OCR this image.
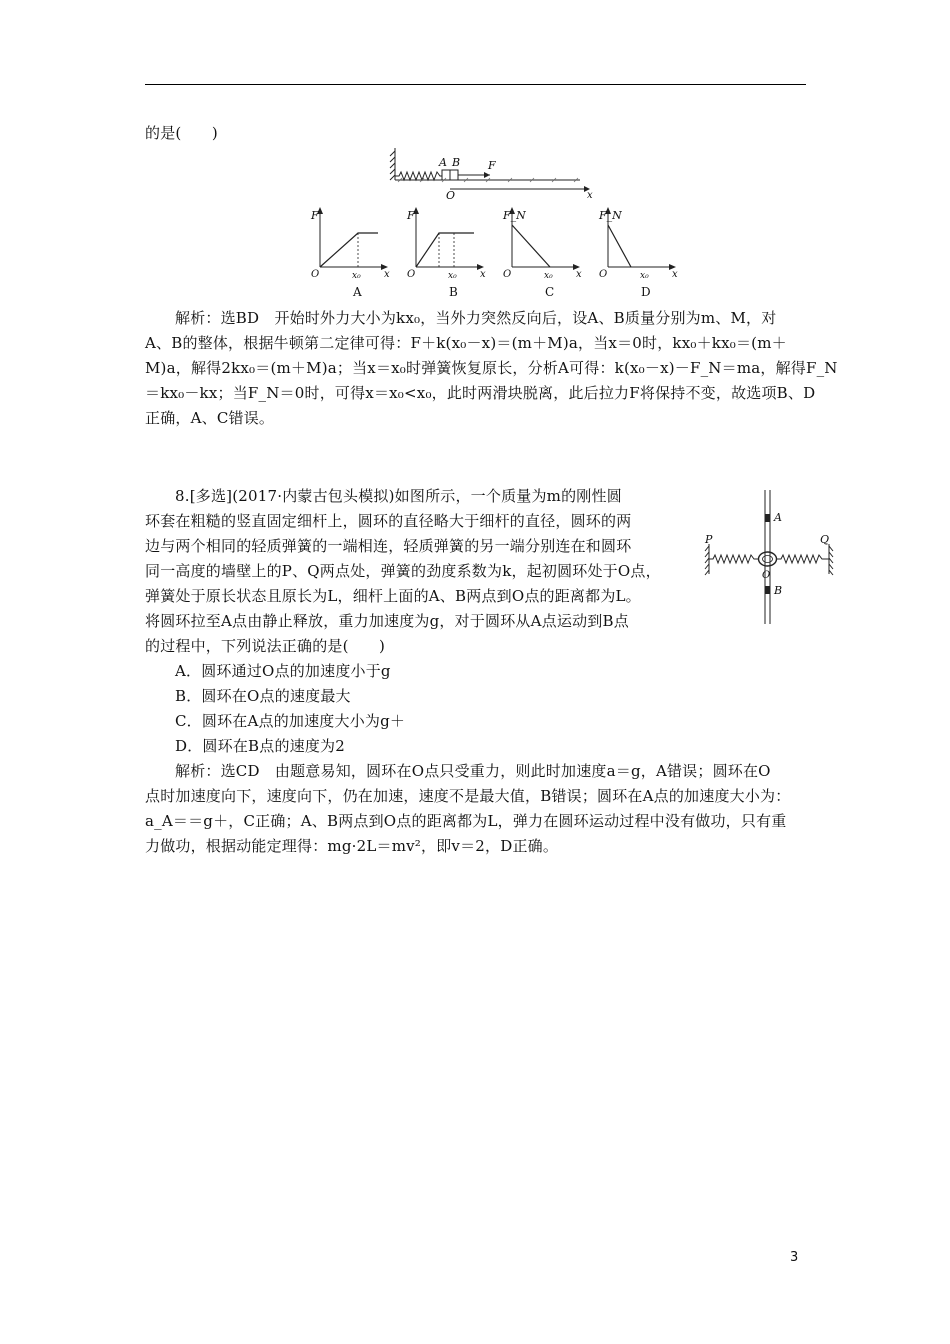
的是(　　)
A B	F
O	x
F
O	x₀ x
A
F
O	x₀ x
B
F_N
O	x₀ x
C
F_N
O	x₀ x
D
解析：选BD　开始时外力大小为kx₀，当外力突然反向后，设A、B质量分别为m、M，对
A、B的整体，根据牛顿第二定律可得：F＋k(x₀－x)＝(m＋M)a，当x＝0时，kx₀＋kx₀＝(m＋
M)a，解得2kx₀＝(m＋M)a；当x＝x₀时弹簧恢复原长，分析A可得：k(x₀－x)－F_N＝ma，解得F_N
＝kx₀－kx；当F_N＝0时，可得x＝x₀<x₀，此时两滑块脱离，此后拉力F将保持不变，故选项B、D
正确，A、C错误。
8.[多选](2017·内蒙古包头模拟)如图所示，一个质量为m的刚性圆
环套在粗糙的竖直固定细杆上，圆环的直径略大于细杆的直径，圆环的两
边与两个相同的轻质弹簧的一端相连，轻质弹簧的另一端分别连在和圆环
同一高度的墙壁上的P、Q两点处，弹簧的劲度系数为k，起初圆环处于O点，
弹簧处于原长状态且原长为L，细杆上面的A、B两点到O点的距离都为L。
将圆环拉至A点由静止释放，重力加速度为g，对于圆环从A点运动到B点
的过程中，下列说法正确的是(　　)
P	Q
A
B
O
A．圆环通过O点的加速度小于g
B．圆环在O点的速度最大
C．圆环在A点的加速度大小为g＋
D．圆环在B点的速度为2
解析：选CD　由题意易知，圆环在O点只受重力，则此时加速度a＝g，A错误；圆环在O
点时加速度向下，速度向下，仍在加速，速度不是最大值，B错误；圆环在A点的加速度大小为：
a_A＝＝g＋，C正确；A、B两点到O点的距离都为L，弹力在圆环运动过程中没有做功，只有重
力做功，根据动能定理得：mg·2L＝mv²，即v＝2，D正确。
3
